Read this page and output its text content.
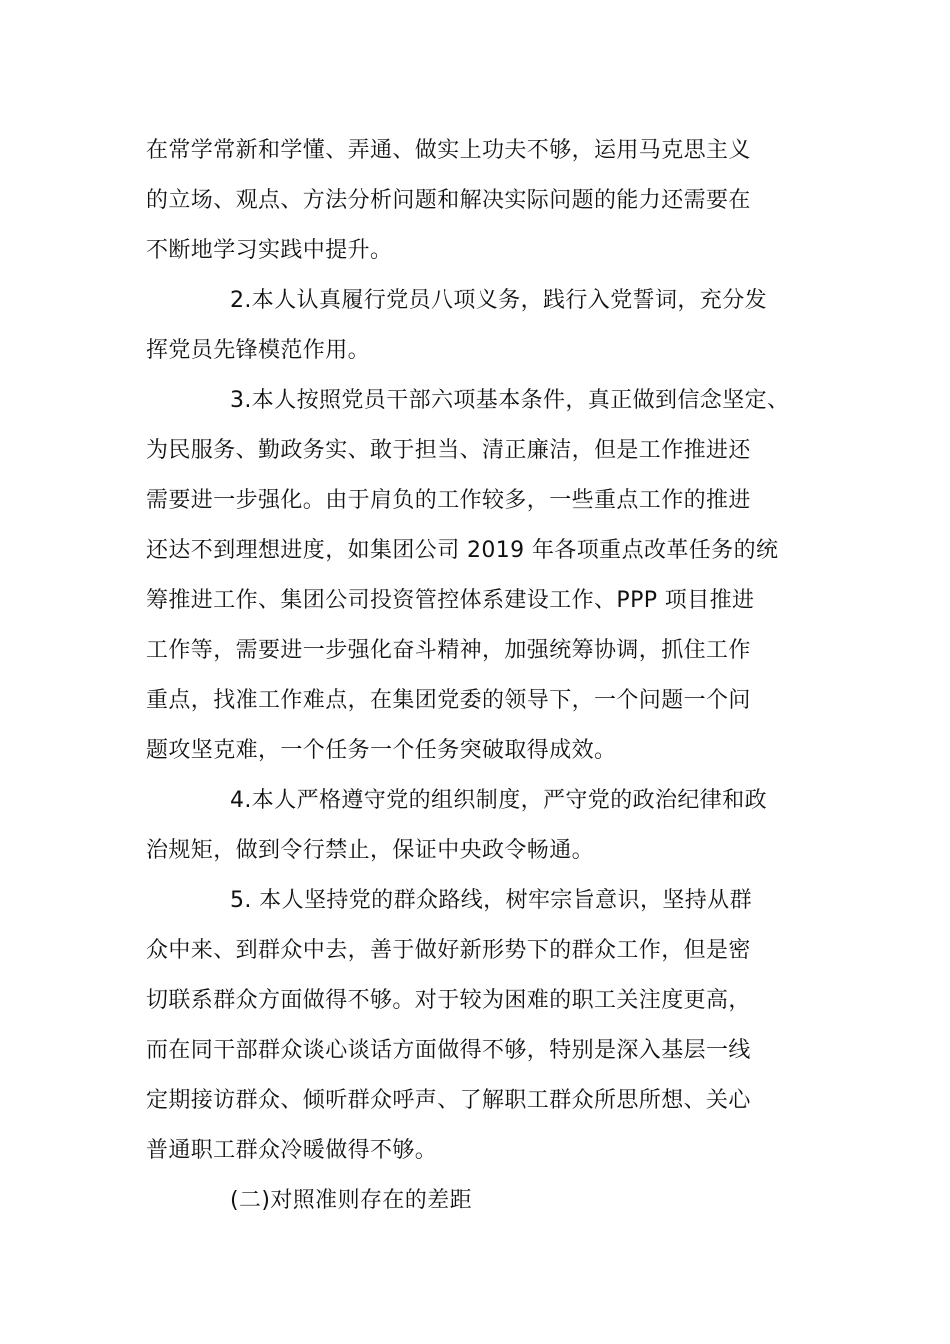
在常学常新和学懂、弄通、做实上功夫不够，运用马克思主义
的立场、观点、方法分析问题和解决实际问题的能力还需要在
不断地学习实践中提升。
2.本人认真履行党员八项义务，践行入党誓词，充分发
挥党员先锋模范作用。
3.本人按照党员干部六项基本条件，真正做到信念坚定、
为民服务、勤政务实、敢于担当、清正廉洁，但是工作推进还
需要进一步强化。由于肩负的工作较多，一些重点工作的推进
还达不到理想进度，如集团公司 2019 年各项重点改革任务的统
筹推进工作、集团公司投资管控体系建设工作、PPP 项目推进
工作等，需要进一步强化奋斗精神，加强统筹协调，抓住工作
重点，找准工作难点，在集团党委的领导下，一个问题一个问
题攻坚克难，一个任务一个任务突破取得成效。
4.本人严格遵守党的组织制度，严守党的政治纪律和政
治规矩，做到令行禁止，保证中央政令畅通。
5. 本人坚持党的群众路线，树牢宗旨意识，坚持从群
众中来、到群众中去，善于做好新形势下的群众工作，但是密
切联系群众方面做得不够。对于较为困难的职工关注度更高，
而在同干部群众谈心谈话方面做得不够，特别是深入基层一线
定期接访群众、倾听群众呼声、了解职工群众所思所想、关心
普通职工群众冷暖做得不够。
(二)对照准则存在的差距
